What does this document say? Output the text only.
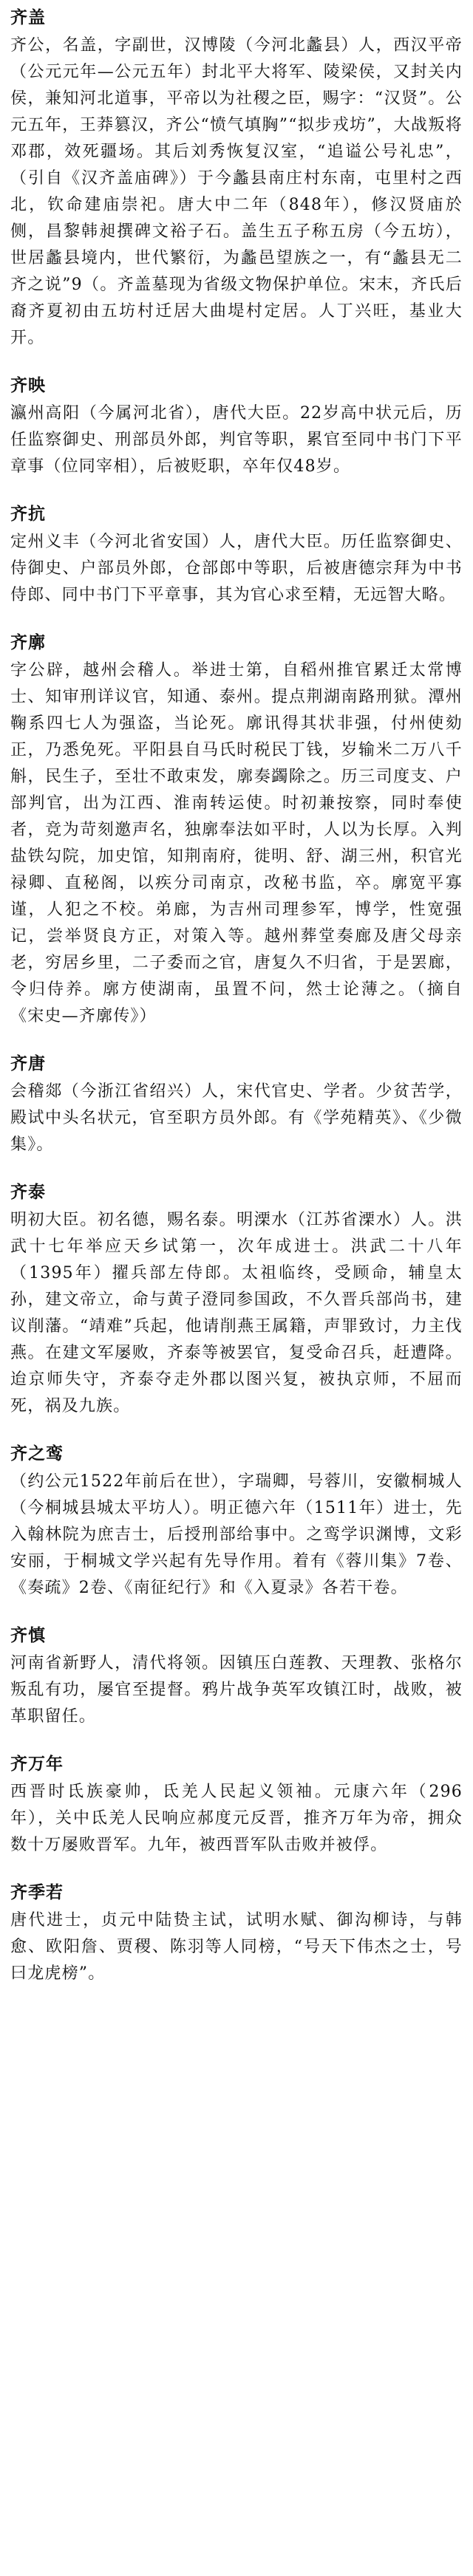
齐盖

齐公，名盖，字副世，汉博陵（今河北蠡县）人，西汉平帝（公元元年—公元五年）封北平大将军、陵梁侯，又封关内侯，兼知河北道事，平帝以为社稷之臣，赐字：“汉贤”。公元五年，王莽篡汉，齐公“愤气填胸”“拟步戎坊”，大战叛将邓郡，效死疆场。其后刘秀恢复汉室，“追谥公号礼忠”，（引自《汉齐盖庙碑》）于今蠡县南庄村东南，屯里村之西北，钦命建庙崇祀。唐大中二年（848年），修汉贤庙於侧，昌黎韩昶撰碑文裕子石。盖生五子称五房（今五坊），世居蠡县境内，世代繁衍，为蠡邑望族之一，有“蠡县无二齐之说”9（。齐盖墓现为省级文物保护单位。宋末，齐氏后裔齐夏初由五坊村迁居大曲堤村定居。人丁兴旺，基业大开。

齐映

瀛州高阳（今属河北省），唐代大臣。22岁高中状元后，历任监察御史、刑部员外郎，判官等职，累官至同中书门下平章事（位同宰相），后被贬职，卒年仅48岁。

齐抗

定州义丰（今河北省安国）人，唐代大臣。历任监察御史、侍御史、户部员外郎，仓部郎中等职，后被唐德宗拜为中书侍郎、同中书门下平章事，其为官心求至精，无远智大略。

齐廓

字公辟，越州会稽人。举进士第，自稻州推官累迁太常博士、知审刑详议官，知通、泰州。提点荆湖南路刑狱。潭州鞠系四七人为强盗，当论死。廓讯得其状非强，付州使劾正，乃悉免死。平阳县自马氏时税民丁钱，岁输米二万八千斛，民生子，至壮不敢束发，廓奏蠲除之。历三司度支、户部判官，出为江西、淮南转运使。时初兼按察，同时奉使者，竞为苛刻邀声名，独廓奉法如平时，人以为长厚。入判盐铁勾院，加史馆，知荆南府，徙明、舒、湖三州，积官光禄卿、直秘阁，以疾分司南京，改秘书监，卒。廓宽平寡谨，人犯之不校。弟廊，为吉州司理参军，博学，性宽强记，尝举贤良方正，对策入等。越州葬堂奏廊及唐父母亲老，穷居乡里，二子委而之官，唐复久不归省，于是罢廊，令归侍养。廓方使湖南，虽置不问，然士论薄之。（摘自《宋史—齐廓传》）

齐唐

会稽郯（今浙江省绍兴）人，宋代官史、学者。少贫苦学，殿试中头名状元，官至职方员外郎。有《学苑精英》、《少微集》。

齐泰

明初大臣。初名德，赐名泰。明溧水（江苏省溧水）人。洪武十七年举应天乡试第一，次年成进士。洪武二十八年（1395年）擢兵部左侍郎。太祖临终，受顾命，辅皇太孙，建文帝立，命与黄子澄同参国政，不久晋兵部尚书，建议削藩。“靖难”兵起，他请削燕王属籍，声罪致讨，力主伐燕。在建文军屡败，齐泰等被罢官，复受命召兵，赶遭降。迨京师失守，齐泰夺走外郡以图兴复，被执京师，不屈而死，祸及九族。

齐之鸾

（约公元1522年前后在世），字瑞卿，号蓉川，安徽桐城人（今桐城县城太平坊人）。明正德六年（1511年）进士，先入翰林院为庶吉士，后授刑部给事中。之鸾学识渊博，文彩安丽，于桐城文学兴起有先导作用。着有《蓉川集》7卷、《奏疏》2卷、《南征纪行》和《入夏录》各若干卷。

齐慎

河南省新野人，清代将领。因镇压白莲教、天理教、张格尔叛乱有功，屡官至提督。鸦片战争英军攻镇江时，战败，被革职留任。

齐万年

西晋时氐族豪帅，氐羌人民起义领袖。元康六年（296年），关中氐羌人民响应郝度元反晋，推齐万年为帝，拥众数十万屡败晋军。九年，被西晋军队击败并被俘。

齐季若

唐代进士，贞元中陆贽主试，试明水赋、御沟柳诗，与韩愈、欧阳詹、贾稷、陈羽等人同榜，“号天下伟杰之士，号曰龙虎榜”。
